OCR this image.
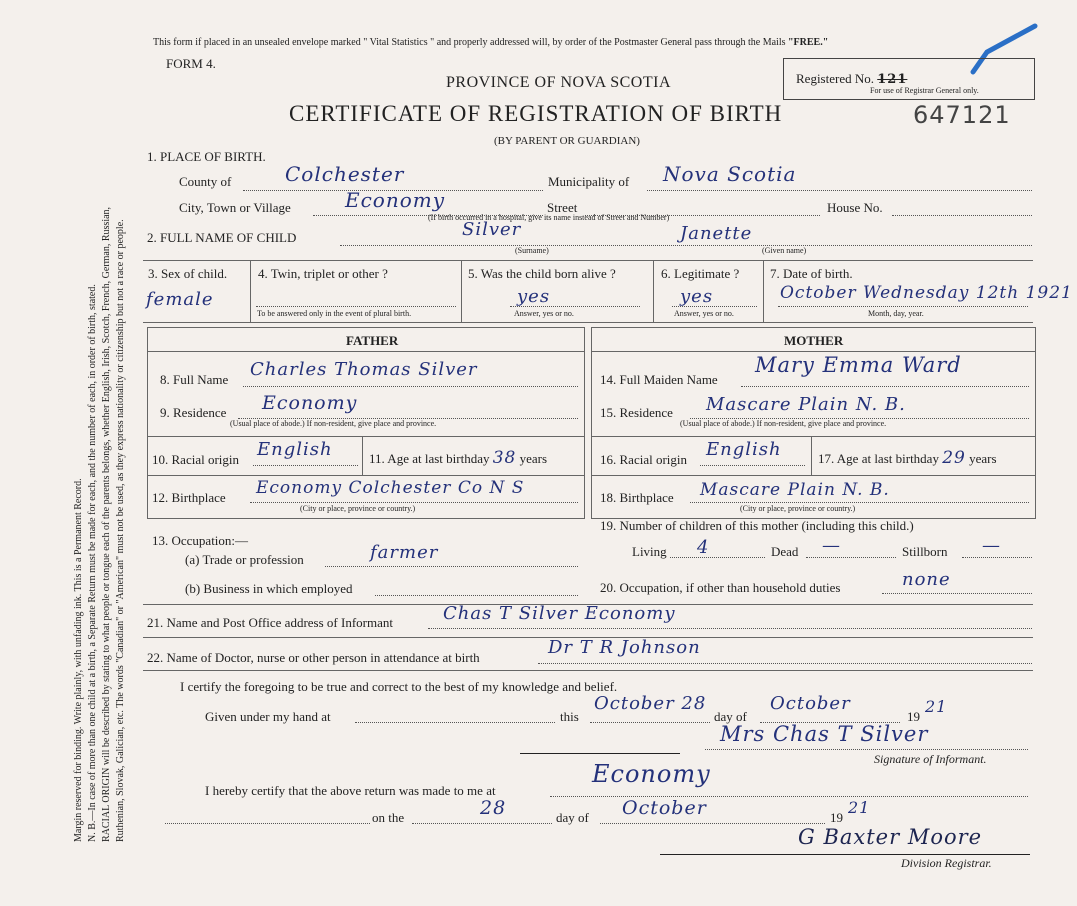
Margin reserved for binding. Write plainly, with unfading ink. This is a Permanent Record. N. B.—In case of more than one child at a birth, a Separate Return must be made for each, and the number of each, in order of birth, stated. RACIAL ORIGIN will be described by stating to what people or tongue each of the parents belongs, whether English, Irish, Scotch, French, German, Russian, Ruthenian, Slovak, Galician, etc. The words "Canadian" or "American" must not be used, as they express nationality or citizenship but not a race or people.
This form if placed in an unsealed envelope marked " Vital Statistics " and properly addressed will, by order of the Postmaster General pass through the Mails "FREE."
FORM 4.
PROVINCE OF NOVA SCOTIA	Registered No. 121
For use of Registrar General only.
CERTIFICATE OF REGISTRATION OF BIRTH	647121
(BY PARENT OR GUARDIAN)
1. PLACE OF BIRTH.
County of	Colchester	Municipality of Nova Scotia
City, Town or Village	Economy	Street	House No.
(If birth occurred in a hospital, give its name instead of Street and Number)
2. FULL NAME OF CHILD	Silver
(Surname)
Janette
(Given name)
3. Sex of child.
female
4. Twin, triplet or other ?
To be answered only in the event of plural birth.
5. Was the child born alive ?
yes
Answer, yes or no.
6. Legitimate ?
yes
Answer, yes or no.
7. Date of birth.
October Wednesday 12th 1921
Month, day, year.
FATHER	MOTHER
8. Full Name Charles Thomas Silver
9. Residence Economy
(Usual place of abode.) If non-resident, give place and province.
10. Racial origin English	11. Age at last birthday 38 years
12. Birthplace Economy Colchester Co N S
(City or place, province or country.)
14. Full Maiden Name
Mary Emma Ward
15. Residence Mascare Plain N. B.
(Usual place of abode.) If non-resident, give place and province.
16. Racial origin English	17. Age at last birthday 29 years
18. Birthplace Mascare Plain N. B.
(City or place, province or country.)
13. Occupation:—
(a) Trade or profession	farmer
(b) Business in which employed
19. Number of children of this mother (including this child.)
Living 4	Dead —	Stillborn —
20. Occupation, if other than household duties	none
21. Name and Post Office address of Informant	Chas T Silver Economy
22. Name of Doctor, nurse or other person in attendance at birth	Dr T R Johnson
I certify the foregoing to be true and correct to the best of my knowledge and belief.
Given under my hand at	this
October 28
day of
October
19
21
Mrs Chas T Silver
Signature of Informant.
I hereby certify that the above return was made to me at
Economy
on the	28	day of October	19
21
G Baxter Moore
Division Registrar.
